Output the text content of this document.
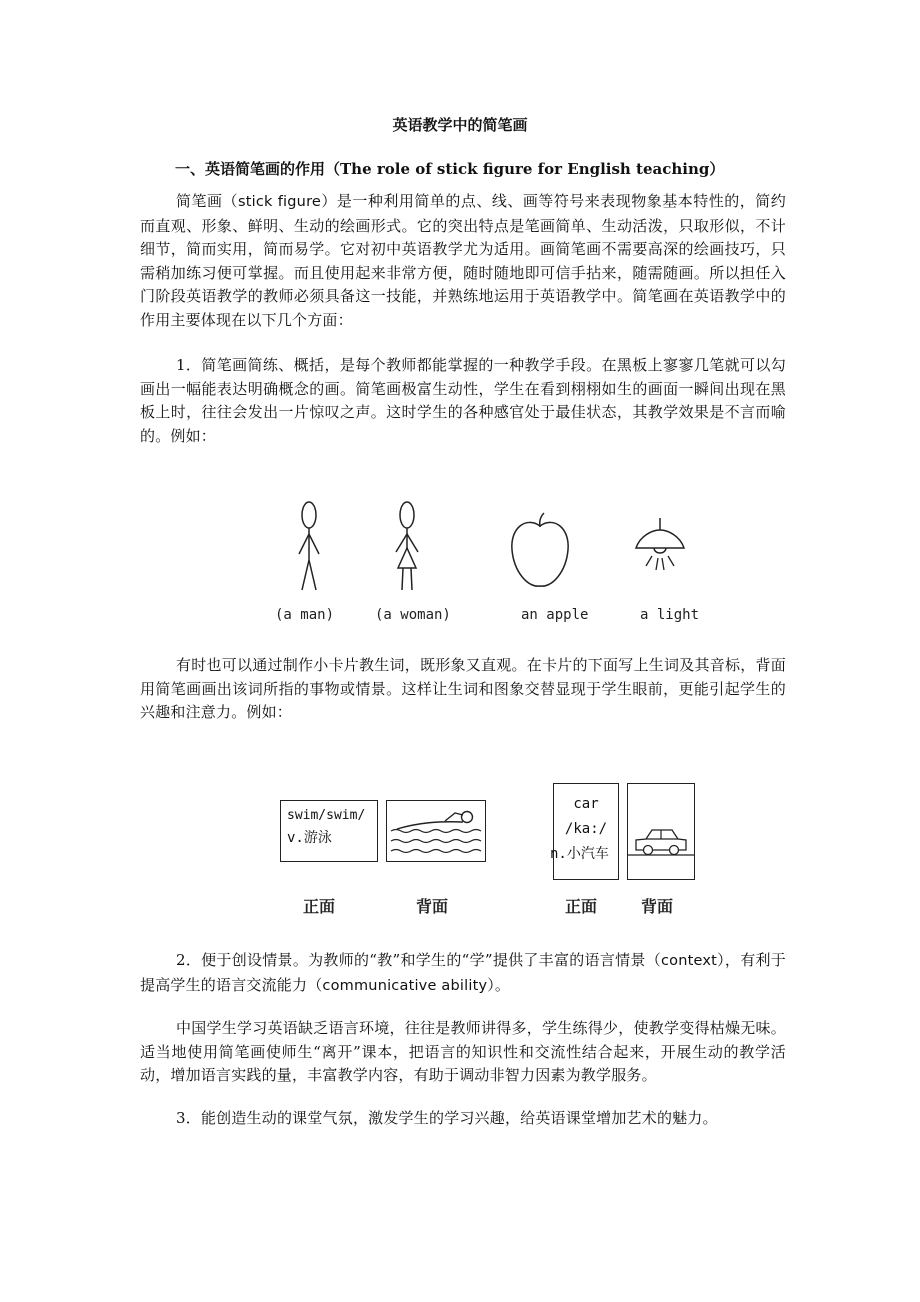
英语教学中的简笔画
一、英语简笔画的作用（The role of stick figure for English teaching）

简笔画（stick figure）是一种利用简单的点、线、画等符号来表现物象基本特性的，简约而直观、形象、鲜明、生动的绘画形式。它的突出特点是笔画简单、生动活泼，只取形似，不计细节，简而实用，简而易学。它对初中英语教学尤为适用。画简笔画不需要高深的绘画技巧，只需稍加练习便可掌握。而且使用起来非常方便，随时随地即可信手拈来，随需随画。所以担任入门阶段英语教学的教师必须具备这一技能，并熟练地运用于英语教学中。简笔画在英语教学中的作用主要体现在以下几个方面：

1．简笔画简练、概括，是每个教师都能掌握的一种教学手段。在黑板上寥寥几笔就可以勾画出一幅能表达明确概念的画。简笔画极富生动性，学生在看到栩栩如生的画面一瞬间出现在黑板上时，往往会发出一片惊叹之声。这时学生的各种感官处于最佳状态，其教学效果是不言而喻的。例如：

(a man)	(a woman)	an apple	a light

有时也可以通过制作小卡片教生词，既形象又直观。在卡片的下面写上生词及其音标，背面用简笔画画出该词所指的事物或情景。这样让生词和图象交替显现于学生眼前，更能引起学生的兴趣和注意力。例如：

swim/swim/
v.游泳
car
/ka:/
n.小汽车
正面	背面	正面	背面

2．便于创设情景。为教师的“教”和学生的“学”提供了丰富的语言情景（context），有利于提高学生的语言交流能力（communicative ability）。

中国学生学习英语缺乏语言环境，往往是教师讲得多，学生练得少，使教学变得枯燥无味。适当地使用简笔画使师生“离开”课本，把语言的知识性和交流性结合起来，开展生动的教学活动，增加语言实践的量，丰富教学内容，有助于调动非智力因素为教学服务。

3．能创造生动的课堂气氛，激发学生的学习兴趣，给英语课堂增加艺术的魅力。
